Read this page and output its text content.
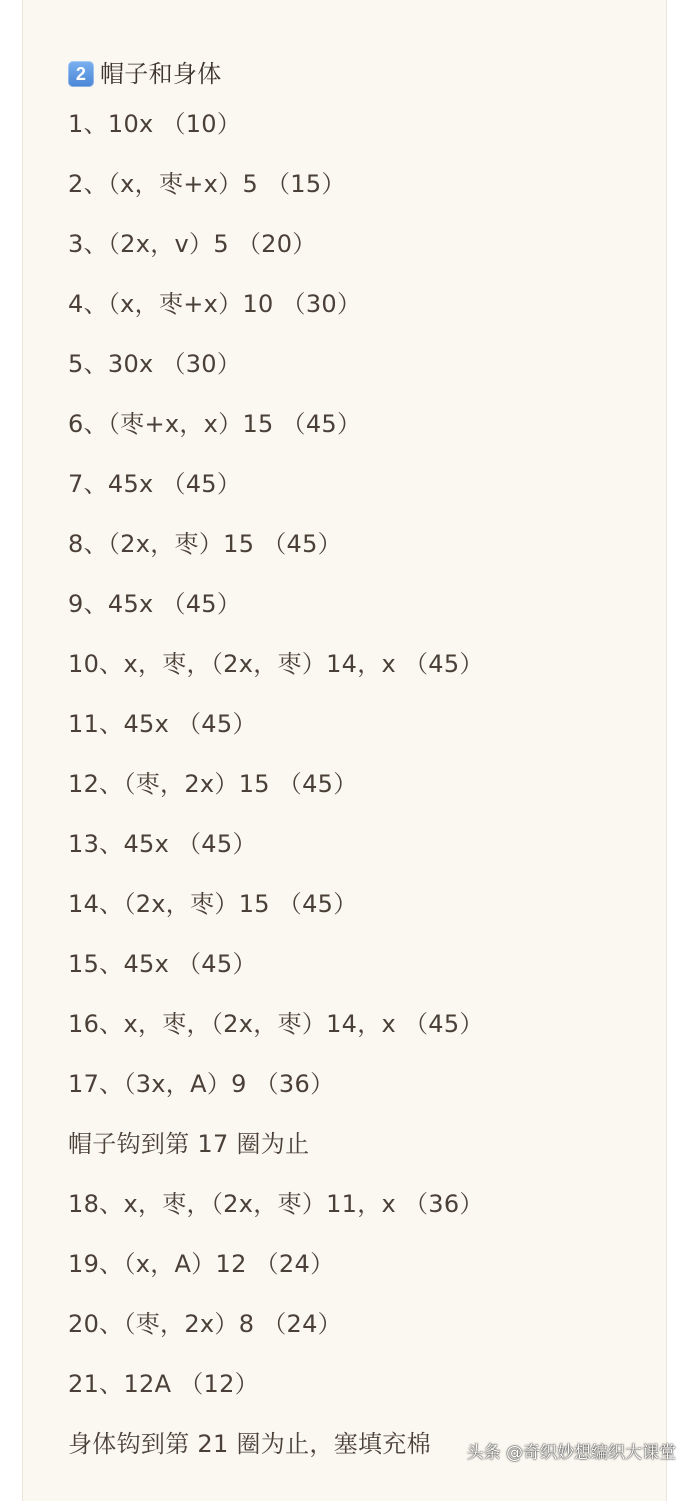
2 帽子和身体
1、10x （10）
2、（x，枣+x）5 （15）
3、（2x，v）5 （20）
4、（x，枣+x）10 （30）
5、30x （30）
6、（枣+x，x）15 （45）
7、45x （45）
8、（2x，枣）15 （45）
9、45x （45）
10、x，枣，（2x，枣）14，x （45）
11、45x （45）
12、（枣，2x）15 （45）
13、45x （45）
14、（2x，枣）15 （45）
15、45x （45）
16、x，枣，（2x，枣）14，x （45）
17、（3x，A）9 （36）
帽子钩到第 17 圈为止
18、x，枣，（2x，枣）11，x （36）
19、（x，A）12 （24）
20、（枣，2x）8 （24）
21、12A （12）
身体钩到第 21 圈为止，塞填充棉	头条 @奇织妙想编织大课堂
